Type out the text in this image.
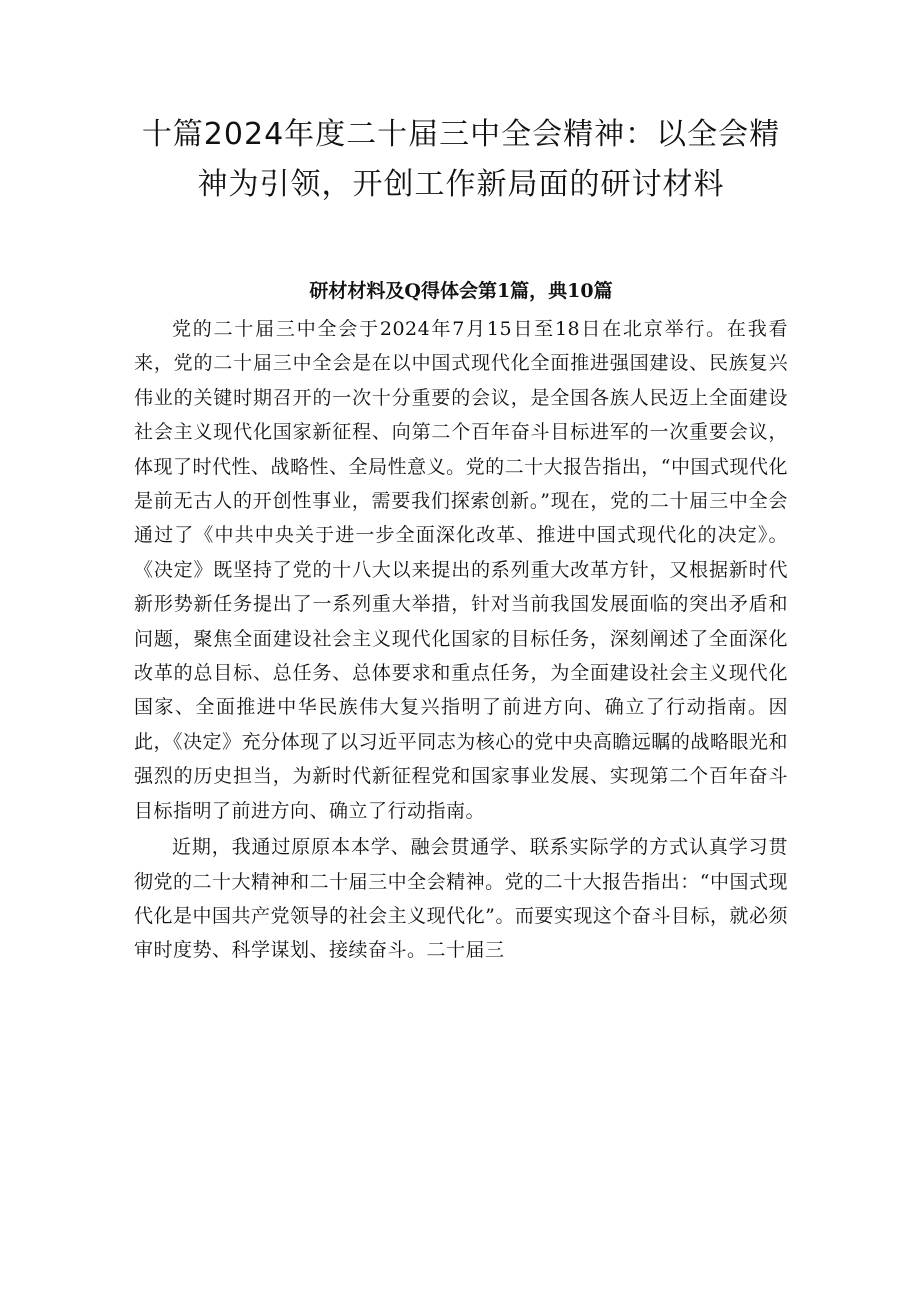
十篇2024年度二十届三中全会精神：以全会精神为引领，开创工作新局面的研讨材料
研材材料及Q得体会第1篇，典10篇

党的二十届三中全会于2024年7月15日至18日在北京举行。在我看来，党的二十届三中全会是在以中国式现代化全面推进强国建设、民族复兴伟业的关键时期召开的一次十分重要的会议，是全国各族人民迈上全面建设社会主义现代化国家新征程、向第二个百年奋斗目标进军的一次重要会议，体现了时代性、战略性、全局性意义。党的二十大报告指出，“中国式现代化是前无古人的开创性事业，需要我们探索创新。”现在，党的二十届三中全会通过了《中共中央关于进一步全面深化改革、推进中国式现代化的决定》。《决定》既坚持了党的十八大以来提出的系列重大改革方针，又根据新时代新形势新任务提出了一系列重大举措，针对当前我国发展面临的突出矛盾和问题，聚焦全面建设社会主义现代化国家的目标任务，深刻阐述了全面深化改革的总目标、总任务、总体要求和重点任务，为全面建设社会主义现代化国家、全面推进中华民族伟大复兴指明了前进方向、确立了行动指南。因此，《决定》充分体现了以习近平同志为核心的党中央高瞻远瞩的战略眼光和强烈的历史担当，为新时代新征程党和国家事业发展、实现第二个百年奋斗目标指明了前进方向、确立了行动指南。

近期，我通过原原本本学、融会贯通学、联系实际学的方式认真学习贯彻党的二十大精神和二十届三中全会精神。党的二十大报告指出：“中国式现代化是中国共产党领导的社会主义现代化”。而要实现这个奋斗目标，就必须审时度势、科学谋划、接续奋斗。二十届三
